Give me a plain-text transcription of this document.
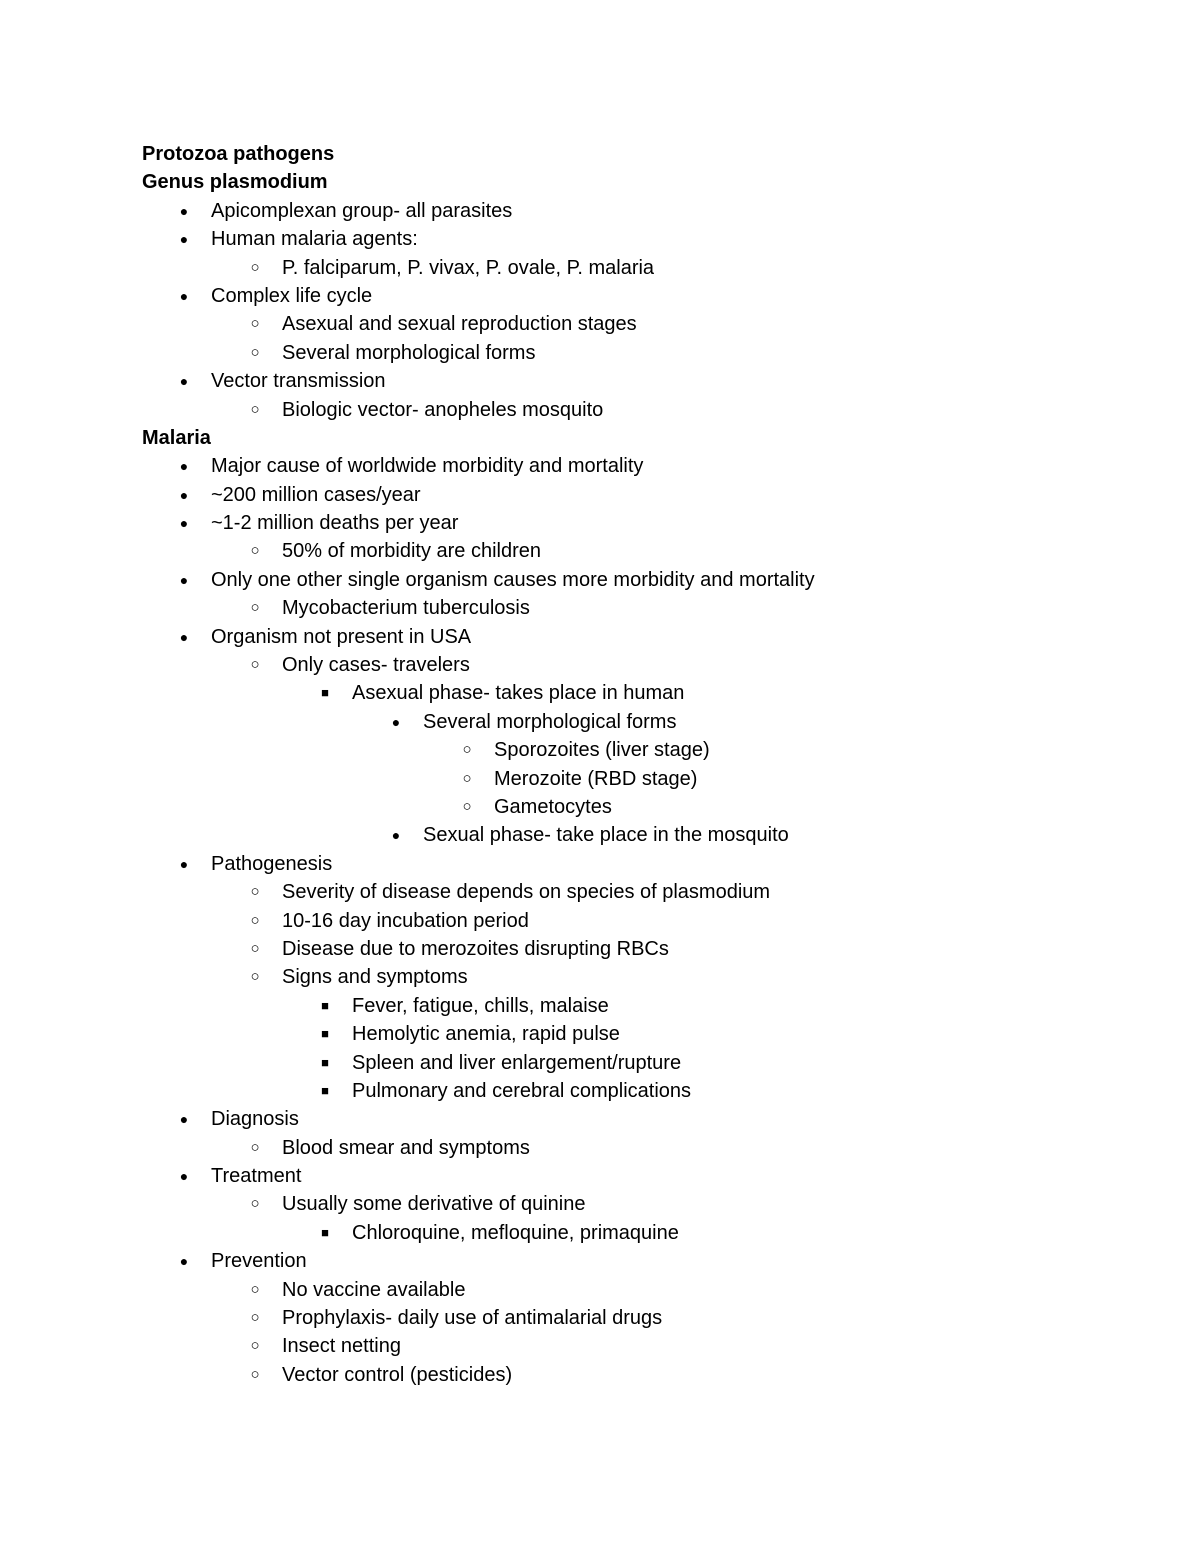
Protozoa pathogens
Genus plasmodium
● Apicomplexan group- all parasites
● Human malaria agents:
○ P. falciparum, P. vivax, P. ovale, P. malaria
● Complex life cycle
○ Asexual and sexual reproduction stages
○ Several morphological forms
● Vector transmission
○ Biologic vector- anopheles mosquito
Malaria
● Major cause of worldwide morbidity and mortality
● ~200 million cases/year
● ~1-2 million deaths per year
○ 50% of morbidity are children
● Only one other single organism causes more morbidity and mortality
○ Mycobacterium tuberculosis
● Organism not present in USA
○ Only cases- travelers
■	Asexual phase- takes place in human
● Several morphological forms
○ Sporozoites (liver stage)
○ Merozoite (RBD stage)
○ Gametocytes
● Sexual phase- take place in the mosquito
● Pathogenesis
○ Severity of disease depends on species of plasmodium
○ 10-16 day incubation period
○ Disease due to merozoites disrupting RBCs
○ Signs and symptoms
■	Fever, fatigue, chills, malaise
■	Hemolytic anemia, rapid pulse
■	Spleen and liver enlargement/rupture
■	Pulmonary and cerebral complications
● Diagnosis
○ Blood smear and symptoms
● Treatment
○ Usually some derivative of quinine
■	Chloroquine, mefloquine, primaquine
● Prevention
○ No vaccine available
○ Prophylaxis- daily use of antimalarial drugs
○ Insect netting
○ Vector control (pesticides)
